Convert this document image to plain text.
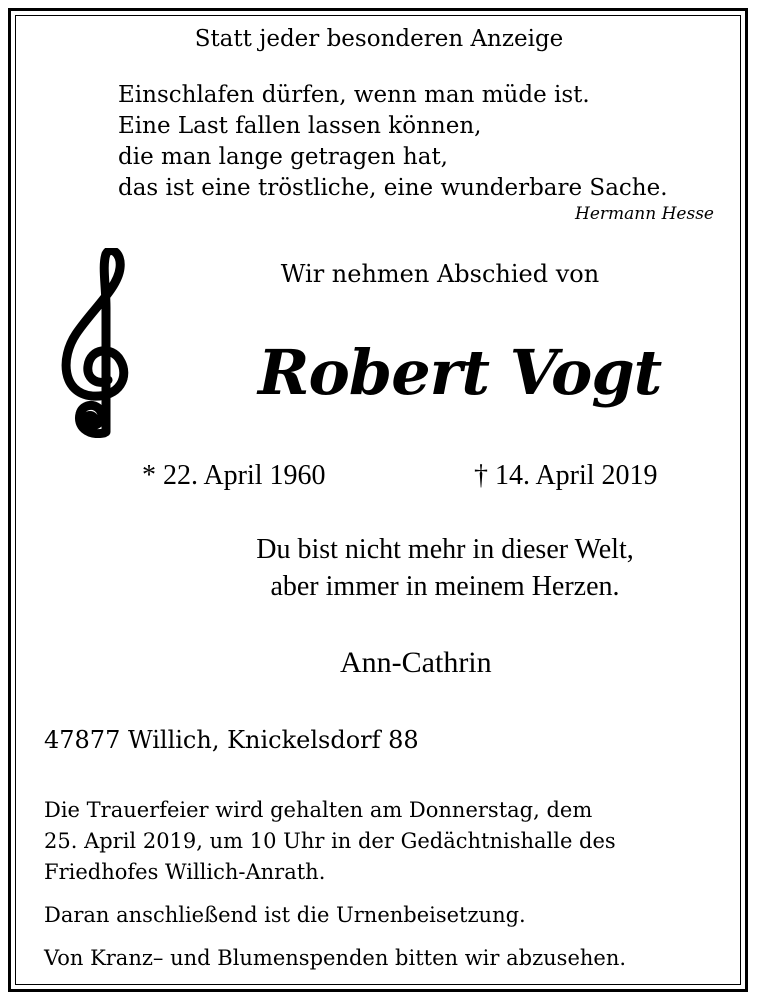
Statt jeder besonderen Anzeige
Einschlafen dürfen, wenn man müde ist.
Eine Last fallen lassen können,
die man lange getragen hat,
das ist eine tröstliche, eine wunderbare Sache.
Hermann Hesse
Wir nehmen Abschied von
Robert Vogt
* 22. April 1960	† 14. April 2019
Du bist nicht mehr in dieser Welt,
aber immer in meinem Herzen.
Ann-Cathrin
47877 Willich, Knickelsdorf 88
Die Trauerfeier wird gehalten am Donnerstag, dem
25. April 2019, um 10 Uhr in der Gedächtnishalle des
Friedhofes Willich-Anrath.
Daran anschließend ist die Urnenbeisetzung.
Von Kranz– und Blumenspenden bitten wir abzusehen.
